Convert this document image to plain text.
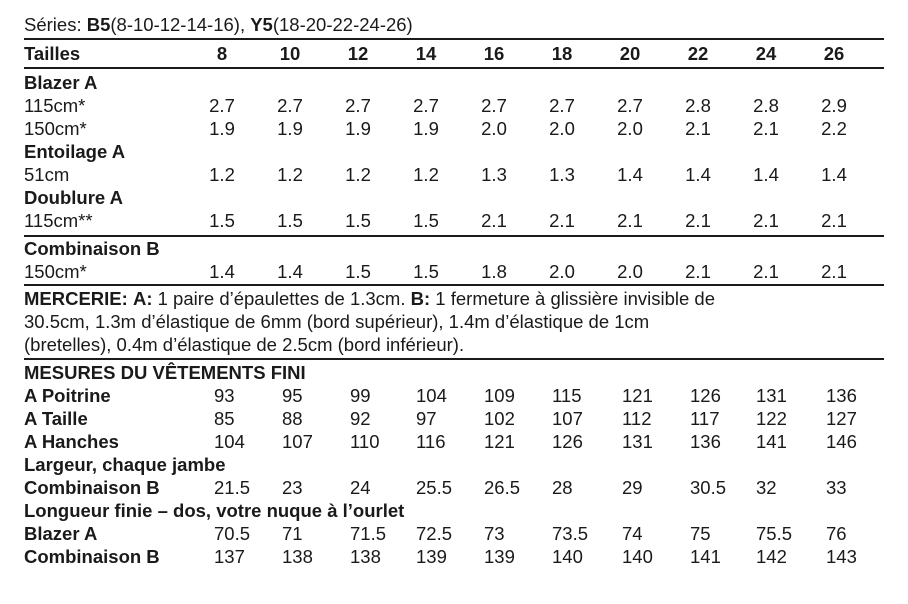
Séries: B5(8-10-12-14-16), Y5(18-20-22-24-26)
Tailles	8	10	12	14	16	18	20	22	24	26
Blazer A
115cm*	2.7	2.7	2.7	2.7	2.7	2.7	2.7	2.8	2.8	2.9
150cm*	1.9	1.9	1.9	1.9	2.0	2.0	2.0	2.1	2.1	2.2
Entoilage A
51cm	1.2	1.2	1.2	1.2	1.3	1.3	1.4	1.4	1.4	1.4
Doublure A
115cm**	1.5	1.5	1.5	1.5	2.1	2.1	2.1	2.1	2.1	2.1
Combinaison B
150cm*	1.4	1.4	1.5	1.5	1.8	2.0	2.0	2.1	2.1	2.1
MERCERIE: A: 1 paire d’épaulettes de 1.3cm. B: 1 fermeture à glissière invisible de
30.5cm, 1.3m d’élastique de 6mm (bord supérieur), 1.4m d’élastique de 1cm
(bretelles), 0.4m d’élastique de 2.5cm (bord inférieur).
MESURES DU VÊTEMENTS FINI
A Poitrine	93	95	99 104 109 115 121 126 131 136
A Taille	85	88	92 97	102 107 112 117 122 127
A Hanches	104 107 110 116 121 126 131 136 141 146
Largeur, chaque jambe
Combinaison B	21.5 23	24 25.5 26.5 28	29	30.5 32	33
Longueur finie – dos, votre nuque à l’ourlet
Blazer A	70.5 71	71.5 72.5 73	73.5 74	75 75.5 76
Combinaison B	137 138 138 139 139 140 140 141 142 143
